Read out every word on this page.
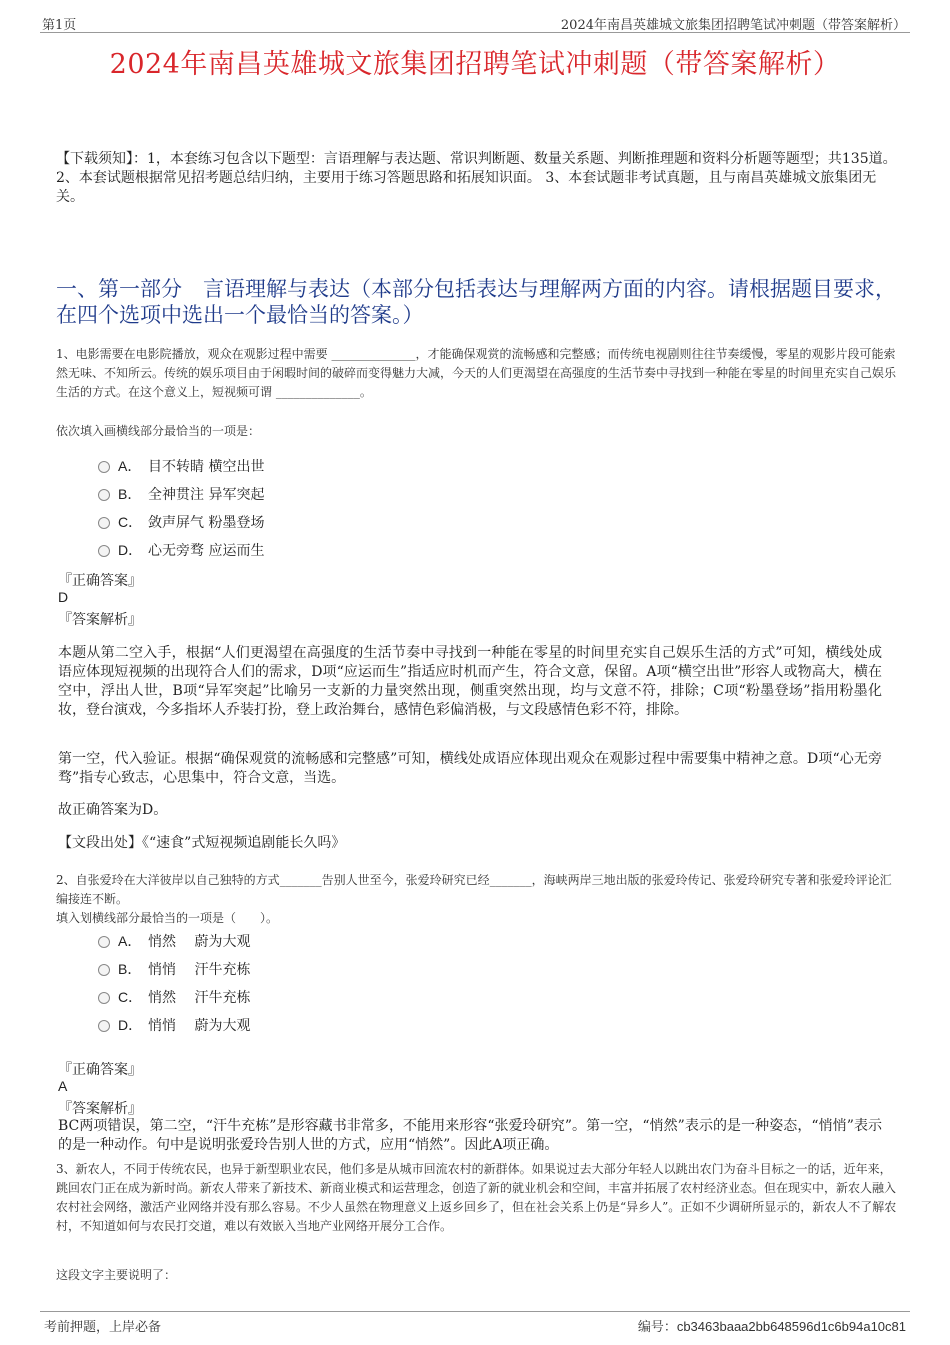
第1页	2024年南昌英雄城文旅集团招聘笔试冲刺题（带答案解析）
2024年南昌英雄城文旅集团招聘笔试冲刺题（带答案解析）
【下载须知】：1，本套练习包含以下题型：言语理解与表达题、常识判断题、数量关系题、判断推理题和资料分析题等题型；共135道。 2、本套试题根据常见招考题总结归纳，主要用于练习答题思路和拓展知识面。 3、本套试题非考试真题，且与南昌英雄城文旅集团无关。
一、第一部分　言语理解与表达（本部分包括表达与理解两方面的内容。请根据题目要求，在四个选项中选出一个最恰当的答案。）
1、电影需要在电影院播放，观众在观影过程中需要 ______________，才能确保观赏的流畅感和完整感；而传统电视剧则往往节奏缓慢，零星的观影片段可能索然无味、不知所云。传统的娱乐项目由于闲暇时间的破碎而变得魅力大减，今天的人们更渴望在高强度的生活节奏中寻找到一种能在零星的时间里充实自己娱乐生活的方式。在这个意义上，短视频可谓 ______________。
依次填入画横线部分最恰当的一项是：
A． 目不转睛 横空出世
B． 全神贯注 异军突起
C． 敛声屏气 粉墨登场
D． 心无旁骛 应运而生
『正确答案』
D
『答案解析』
本题从第二空入手，根据“人们更渴望在高强度的生活节奏中寻找到一种能在零星的时间里充实自己娱乐生活的方式”可知，横线处成语应体现短视频的出现符合人们的需求，D项“应运而生”指适应时机而产生，符合文意，保留。A项“横空出世”形容人或物高大，横在空中，浮出人世，B项“异军突起”比喻另一支新的力量突然出现，侧重突然出现，均与文意不符，排除；C项“粉墨登场”指用粉墨化妆，登台演戏，今多指坏人乔装打扮，登上政治舞台，感情色彩偏消极，与文段感情色彩不符，排除。
第一空，代入验证。根据“确保观赏的流畅感和完整感”可知，横线处成语应体现出观众在观影过程中需要集中精神之意。D项“心无旁骛”指专心致志，心思集中，符合文意，当选。
故正确答案为D。
【文段出处】《“速食”式短视频追剧能长久吗》
2、自张爱玲在大洋彼岸以自己独特的方式_______告别人世至今，张爱玲研究已经_______，海峡两岸三地出版的张爱玲传记、张爱玲研究专著和张爱玲评论汇编接连不断。
填入划横线部分最恰当的一项是（　　）。
A． 悄然　 蔚为大观
B． 悄悄　 汗牛充栋
C． 悄然　 汗牛充栋
D． 悄悄　 蔚为大观
『正确答案』
A
『答案解析』
BC两项错误，第二空，“汗牛充栋”是形容藏书非常多，不能用来形容“张爱玲研究”。第一空，“悄然”表示的是一种姿态，“悄悄”表示的是一种动作。句中是说明张爱玲告别人世的方式，应用“悄然”。因此A项正确。
3、新农人，不同于传统农民，也异于新型职业农民，他们多是从城市回流农村的新群体。如果说过去大部分年轻人以跳出农门为奋斗目标之一的话，近年来，跳回农门正在成为新时尚。新农人带来了新技术、新商业模式和运营理念，创造了新的就业机会和空间，丰富并拓展了农村经济业态。但在现实中，新农人融入农村社会网络，激活产业网络并没有那么容易。不少人虽然在物理意义上返乡回乡了，但在社会关系上仍是“异乡人”。正如不少调研所显示的，新农人不了解农村，不知道如何与农民打交道，难以有效嵌入当地产业网络开展分工合作。
这段文字主要说明了：
考前押题，上岸必备	编号：cb3463baaa2bb648596d1c6b94a10c81
